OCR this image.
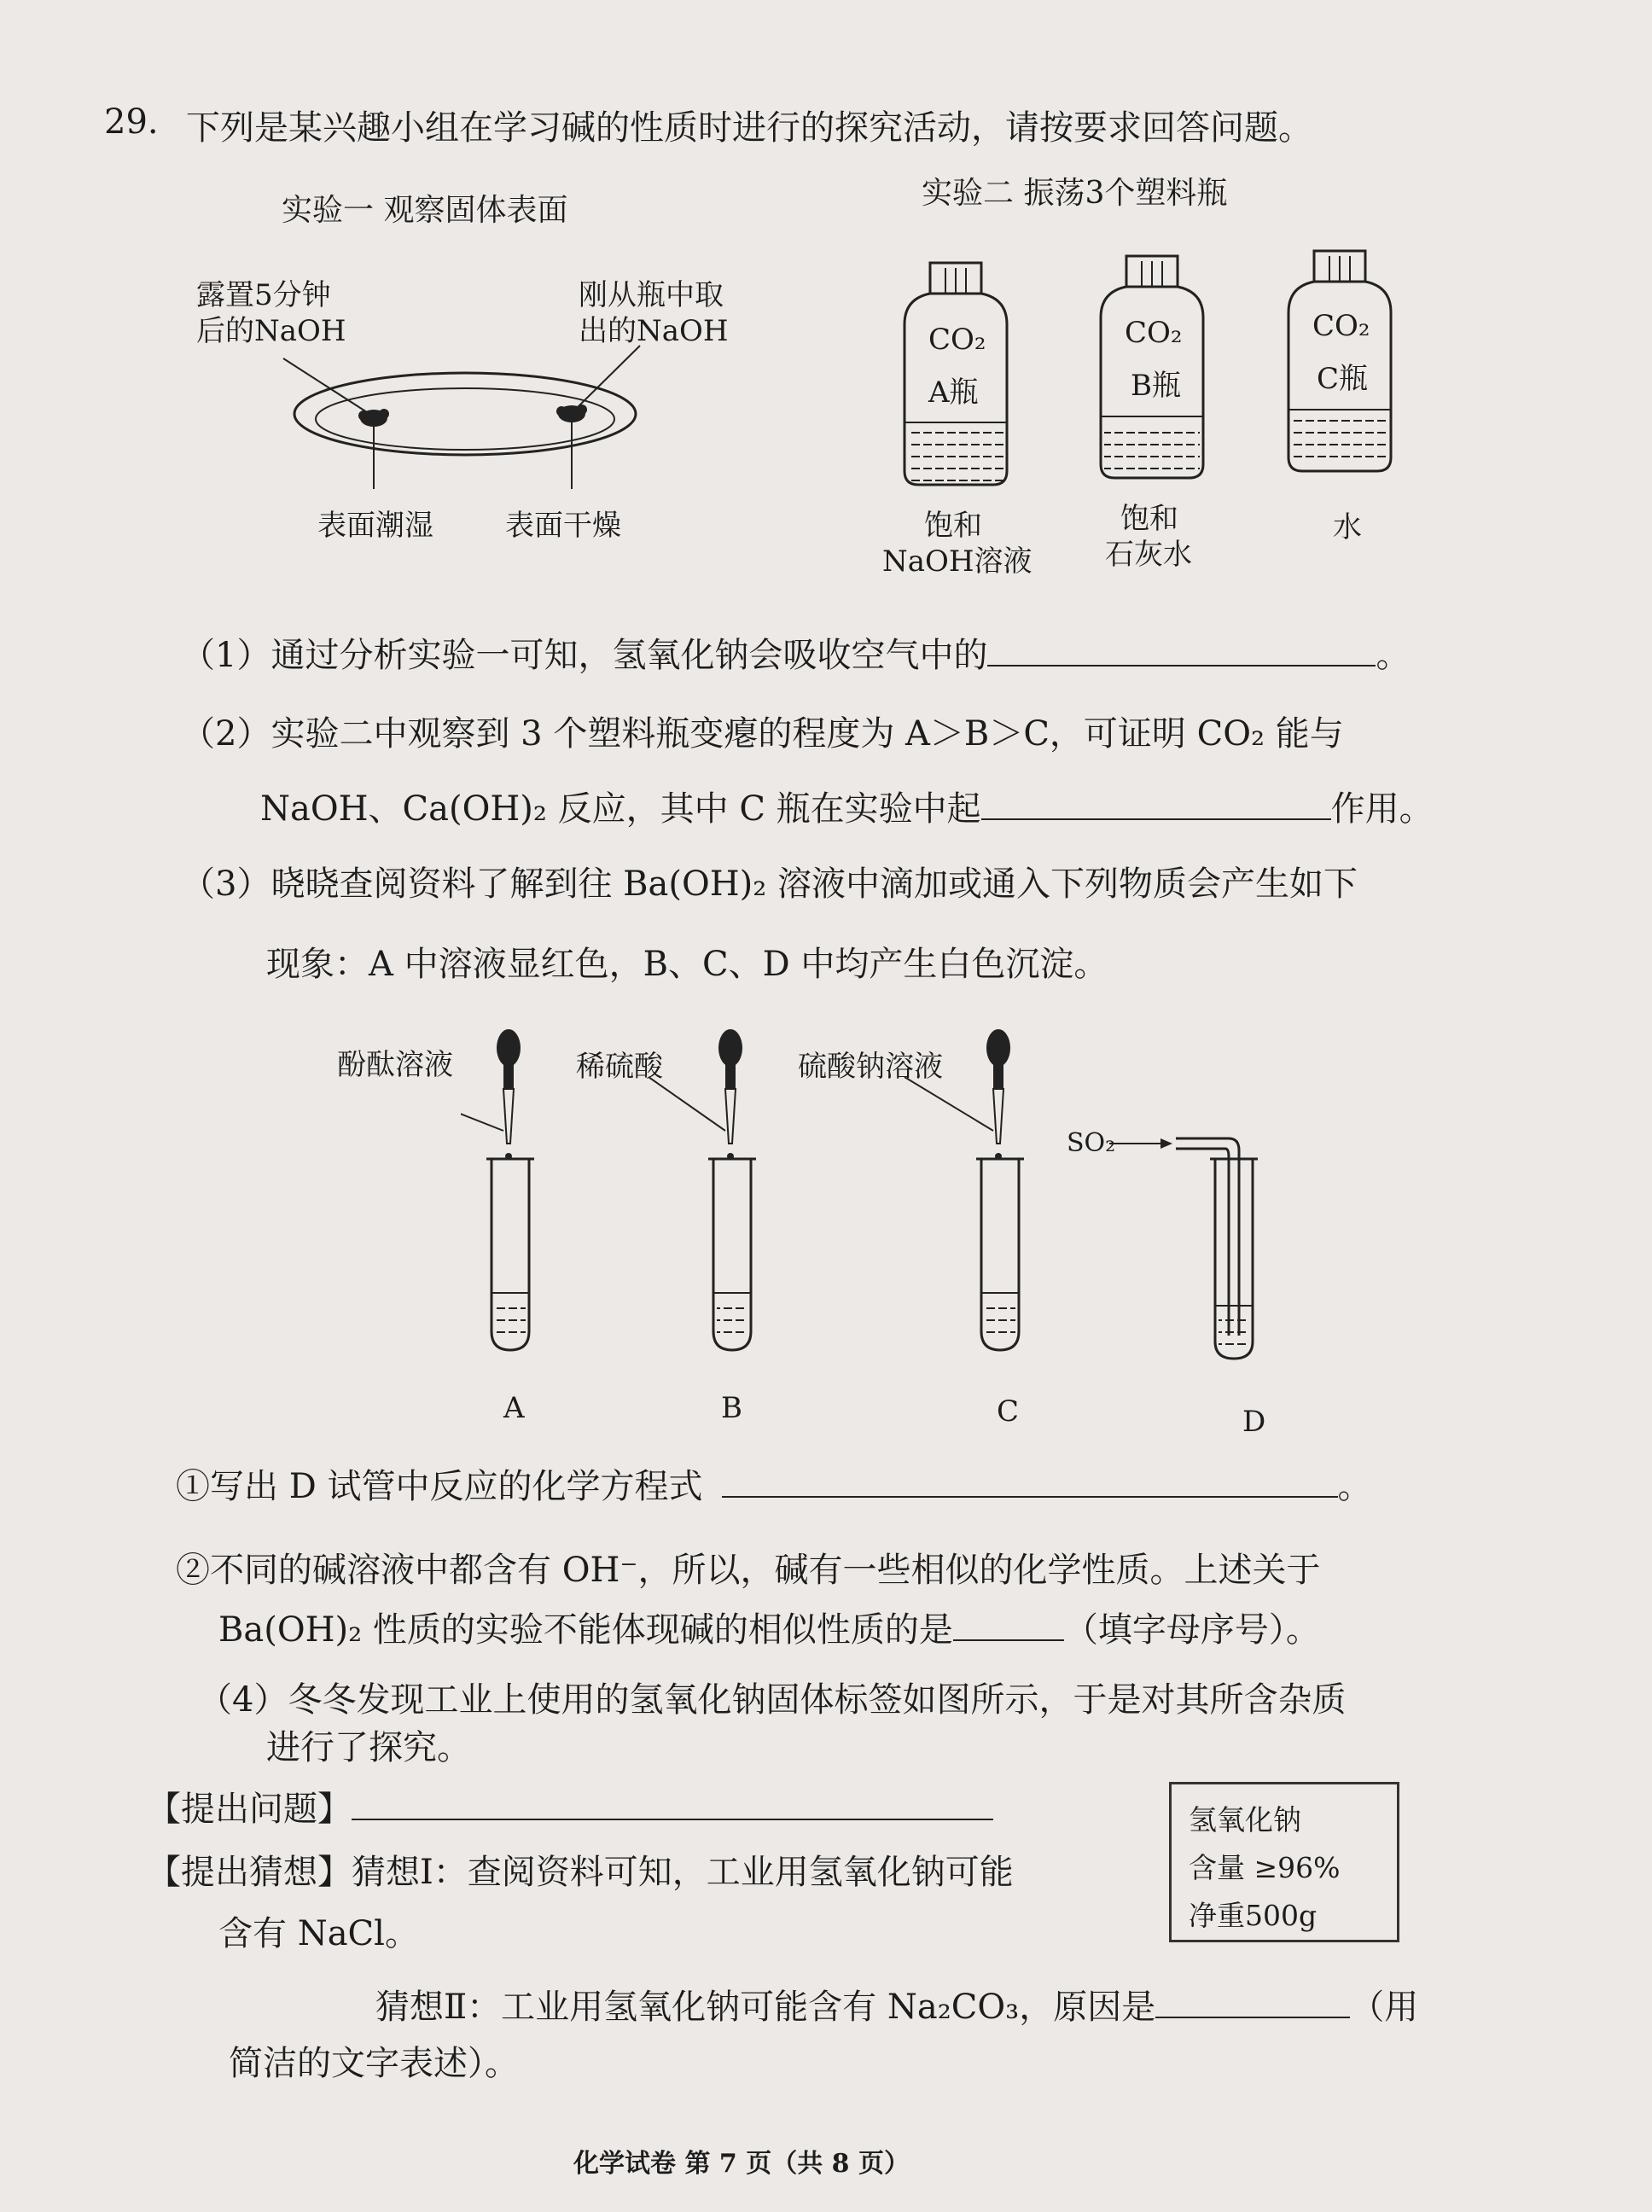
29. 下列是某兴趣小组在学习碱的性质时进行的探究活动，请按要求回答问题。
实验一 观察固体表面
露置5分钟
后的NaOH
刚从瓶中取
出的NaOH
表面潮湿 表面干燥
实验二 振荡3个塑料瓶
CO₂
A瓶
CO₂
B瓶
CO₂
C瓶
饱和
NaOH溶液
饱和
石灰水
水
（1）通过分析实验一可知，氢氧化钠会吸收空气中的	。
（2）实验二中观察到 3 个塑料瓶变瘪的程度为 A＞B＞C，可证明 CO₂ 能与
NaOH、Ca(OH)₂ 反应，其中 C 瓶在实验中起	作用。
（3）晓晓查阅资料了解到往 Ba(OH)₂ 溶液中滴加或通入下列物质会产生如下
现象：A 中溶液显红色，B、C、D 中均产生白色沉淀。
酚酞溶液	稀硫酸	硫酸钠溶液
SO₂
A	B	C	D
①写出 D 试管中反应的化学方程式	。
②不同的碱溶液中都含有 OH⁻，所以，碱有一些相似的化学性质。上述关于
Ba(OH)₂ 性质的实验不能体现碱的相似性质的是	（填字母序号）。
（4）冬冬发现工业上使用的氢氧化钠固体标签如图所示，于是对其所含杂质
进行了探究。
【提出问题】
【提出猜想】猜想Ⅰ：查阅资料可知，工业用氢氧化钠可能
含有 NaCl。
猜想Ⅱ：工业用氢氧化钠可能含有 Na₂CO₃，原因是	（用
简洁的文字表述）。
氢氧化钠
含量 ≥96%
净重500g
化学试卷 第 7 页（共 8 页）
